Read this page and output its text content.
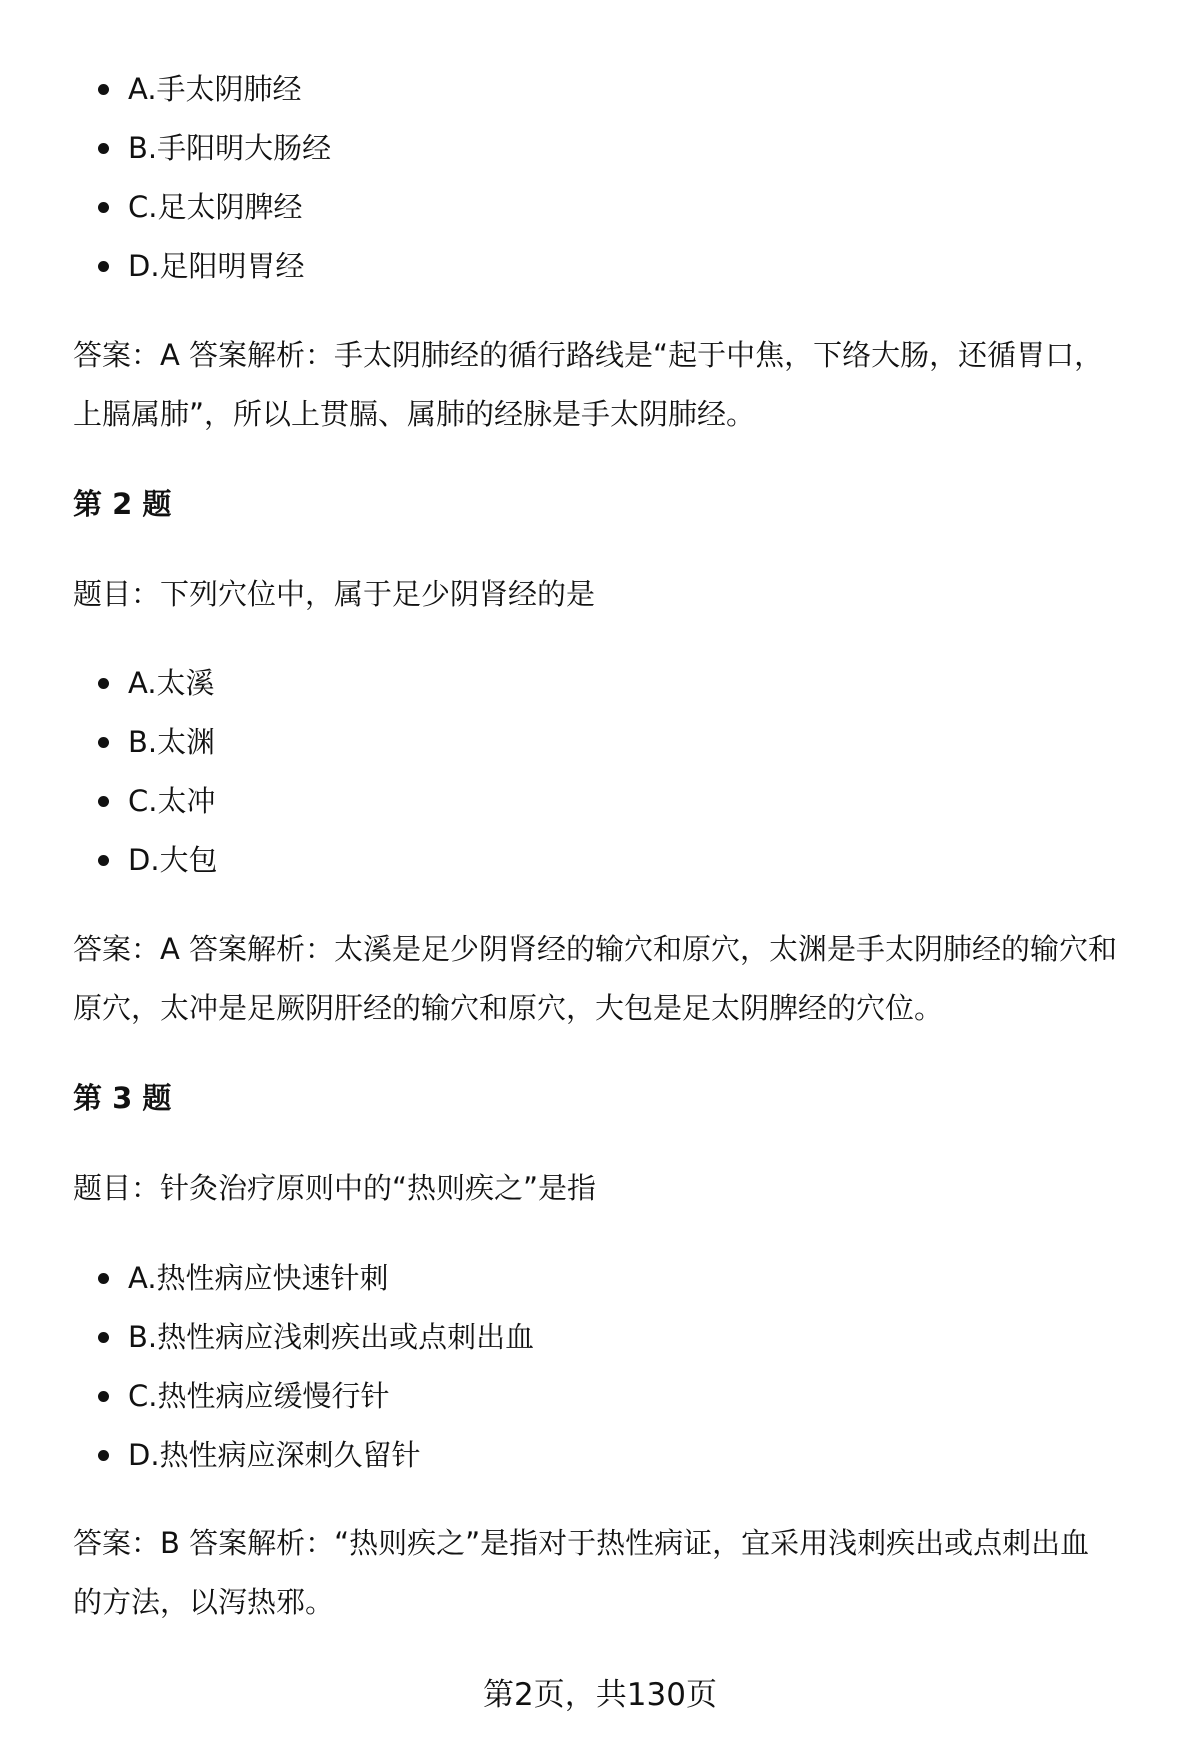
A.手太阴肺经
B.手阳明大肠经
C.足太阴脾经
D.足阳明胃经
答案：A 答案解析：手太阴肺经的循行路线是“起于中焦，下络大肠，还循胃口，
上膈属肺”，所以上贯膈、属肺的经脉是手太阴肺经。
第 2 题
题目：下列穴位中，属于足少阴肾经的是
A.太溪
B.太渊
C.太冲
D.大包
答案：A 答案解析：太溪是足少阴肾经的输穴和原穴，太渊是手太阴肺经的输穴和
原穴，太冲是足厥阴肝经的输穴和原穴，大包是足太阴脾经的穴位。
第 3 题
题目：针灸治疗原则中的“热则疾之”是指
A.热性病应快速针刺
B.热性病应浅刺疾出或点刺出血
C.热性病应缓慢行针
D.热性病应深刺久留针
答案：B 答案解析：“热则疾之”是指对于热性病证，宜采用浅刺疾出或点刺出血
的方法，以泻热邪。
第2页，共130页
